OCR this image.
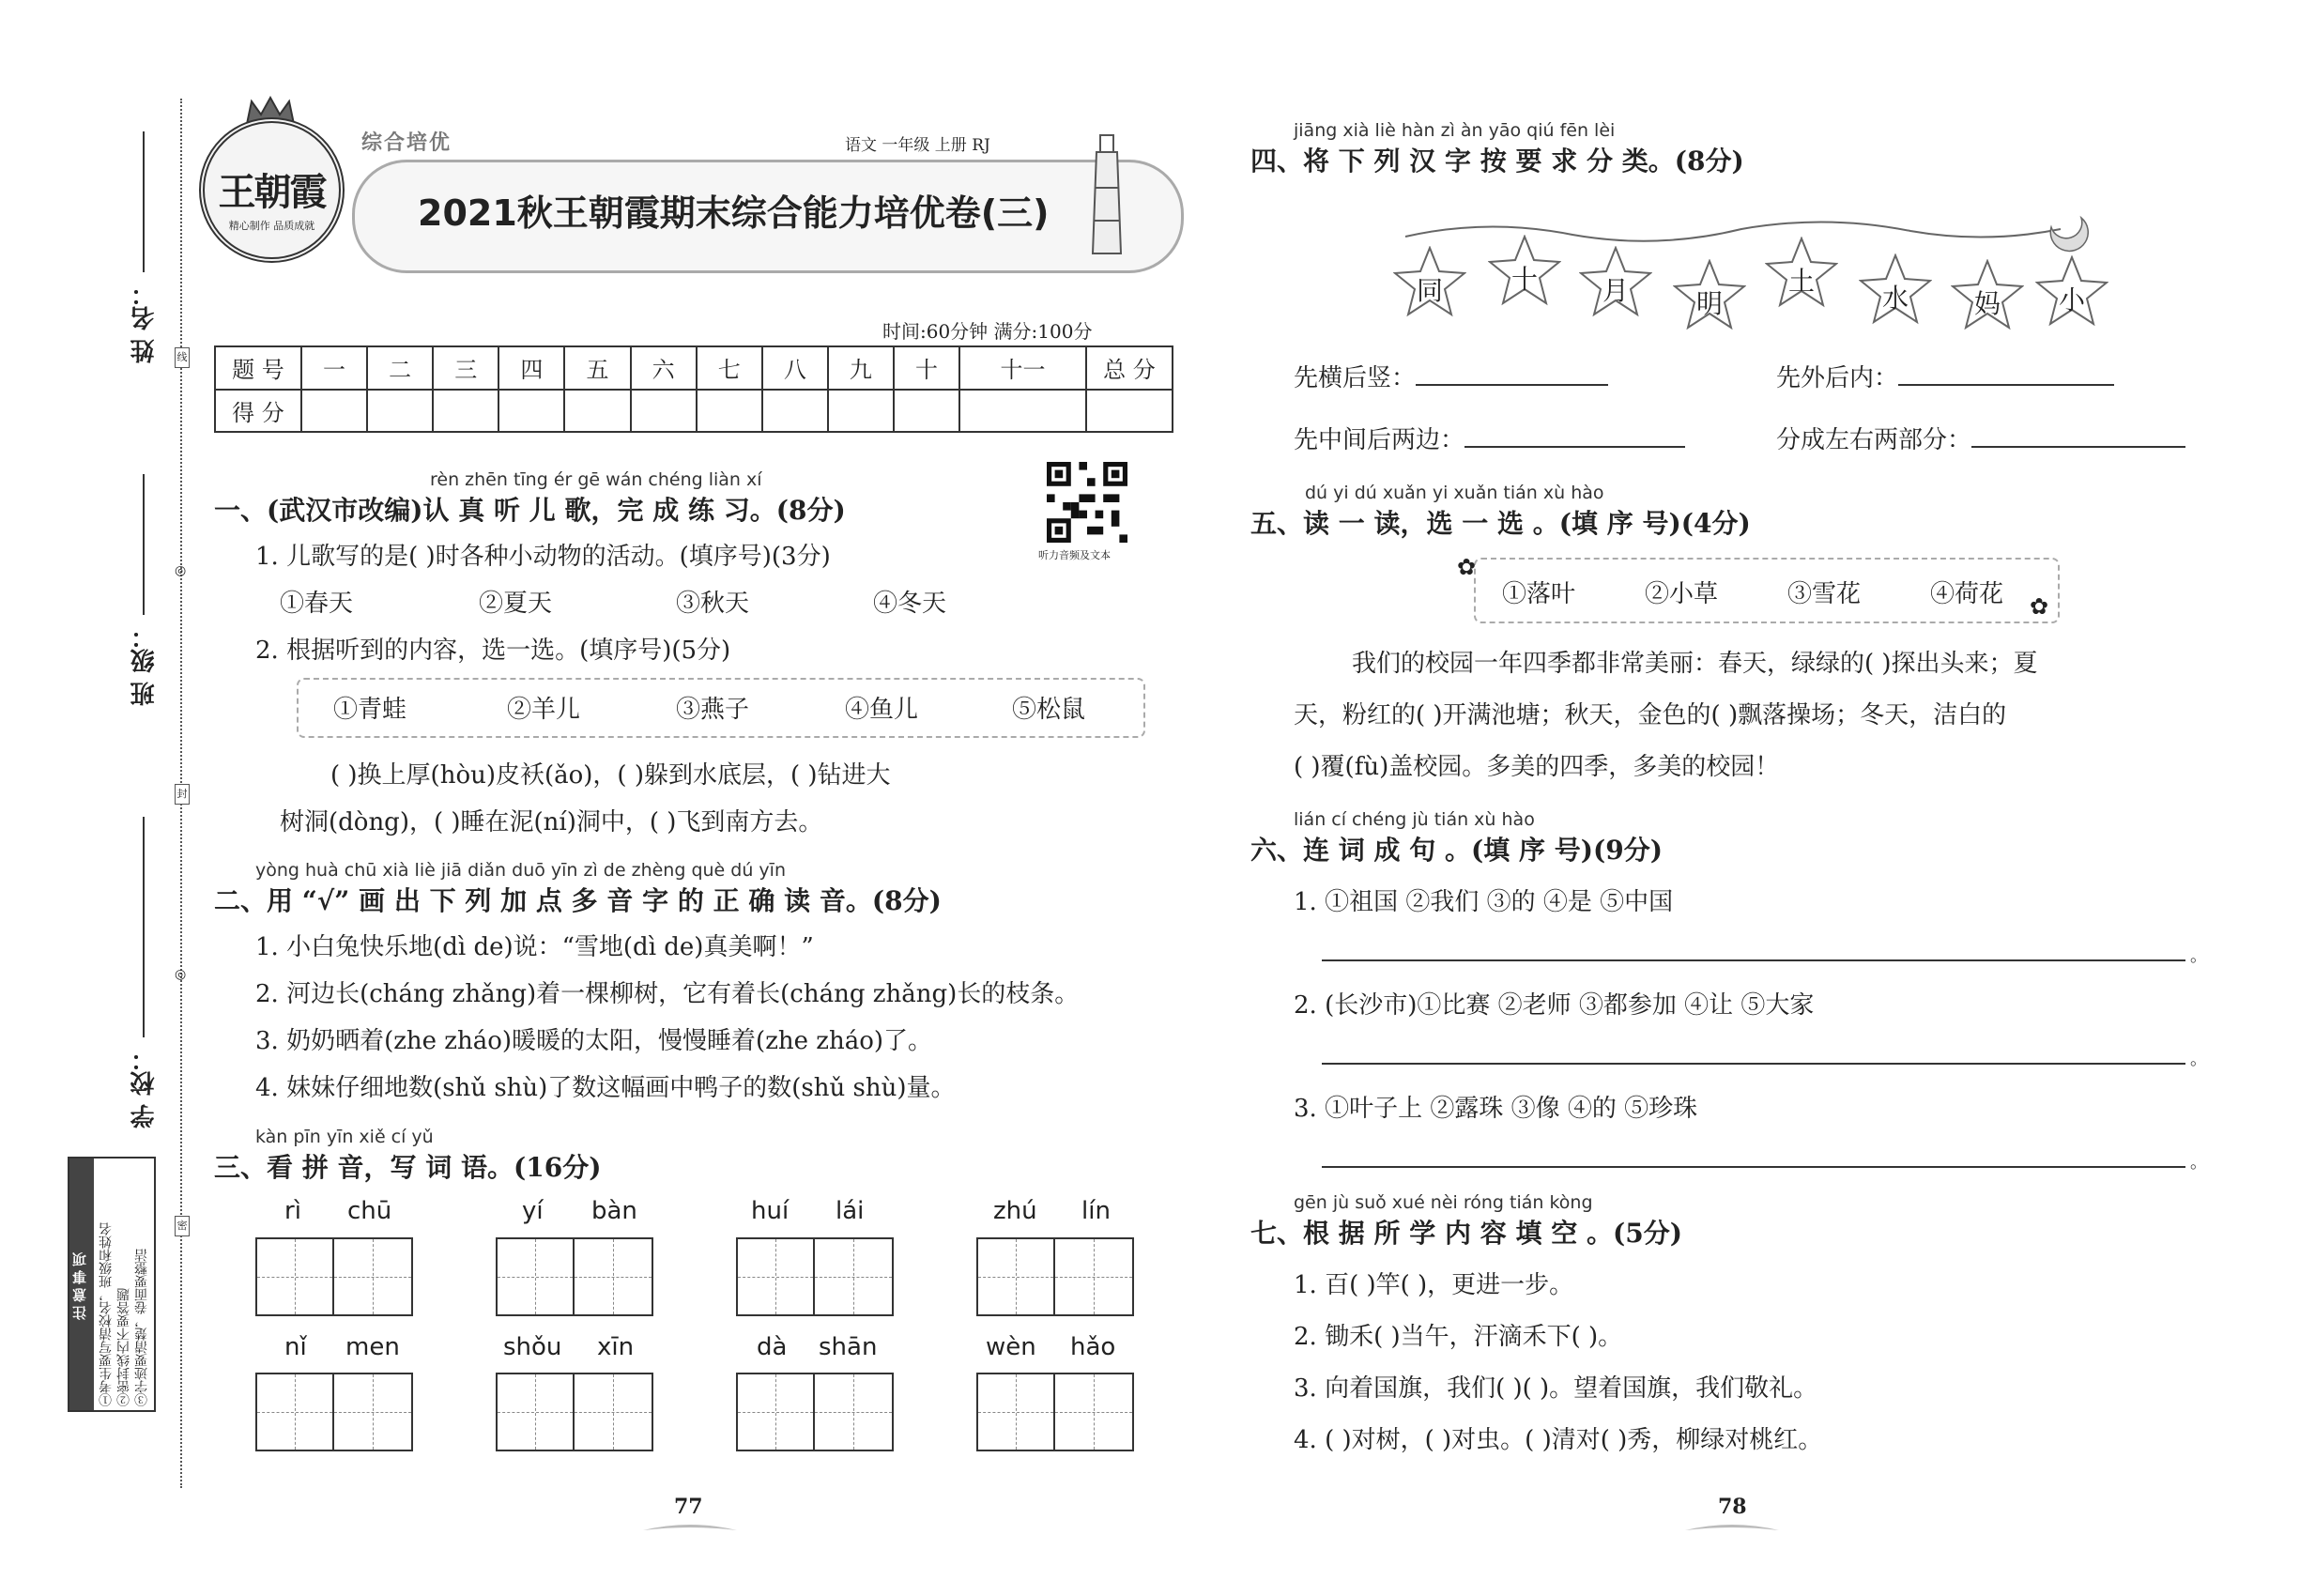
姓 名：
班 级：
学 校：
线
封
密
◎
◎
注意事项 ①考生要写清校名，班级和姓名 ②密封线内不要答题 ③字迹要清楚，卷面要整洁
王朝霞
精心制作 品质成就
综合培优	语文 一年级 上册 RJ
2021秋王朝霞期末综合能力培优卷(三)
时间:60分钟 满分:100分
题 号	一	二	三	四	五	六	七	八	九	十	十一	总 分
得 分												
rèn zhēn tīng ér gē wán chéng liàn xí
一、(武汉市改编)认 真 听 儿 歌，完 成 练 习。(8分)
听力音频及文本
1. 儿歌写的是( )时各种小动物的活动。(填序号)(3分)
①春天	②夏天	③秋天	④冬天
2. 根据听到的内容，选一选。(填序号)(5分)
①青蛙	②羊儿	③燕子	④鱼儿	⑤松鼠
( )换上厚(hòu)皮袄(ǎo)，( )躲到水底层，( )钻进大
树洞(dòng)，( )睡在泥(ní)洞中，( )飞到南方去。
yòng huà chū xià liè jiā diǎn duō yīn zì de zhèng què dú yīn
二、用 “√” 画 出 下 列 加 点 多 音 字 的 正 确 读 音。(8分)
1. 小白兔快乐地(dì de)说：“雪地(dì de)真美啊！”
2. 河边长(cháng zhǎng)着一棵柳树，它有着长(cháng zhǎng)长的枝条。
3. 奶奶晒着(zhe zháo)暖暖的太阳，慢慢睡着(zhe zháo)了。
4. 妹妹仔细地数(shǔ shù)了数这幅画中鸭子的数(shǔ shù)量。
kàn pīn yīn xiě cí yǔ
三、看 拼 音，写 词 语。(16分)
rì chū	yí bàn	huí lái	zhú lín
nǐ men	shǒu xīn	dà shān	wèn hǎo
77
jiāng xià liè hàn zì àn yāo qiú fēn lèi
四、将 下 列 汉 字 按 要 求 分 类。(8分)
同	十	月	明
土
水	妈	小
先横后竖：	先外后内：
先中间后两边：	分成左右两部分：
dú yi dú xuǎn yi xuǎn tián xù hào
五、读 一 读，选 一 选 。(填 序 号)(4分)
✿
✿
①落叶	②小草	③雪花	④荷花
我们的校园一年四季都非常美丽：春天，绿绿的( )探出头来；夏
天，粉红的( )开满池塘；秋天，金色的( )飘落操场；冬天，洁白的
( )覆(fù)盖校园。多美的四季，多美的校园！
lián cí chéng jù tián xù hào
六、连 词 成 句 。(填 序 号)(9分)
1. ①祖国 ②我们 ③的 ④是 ⑤中国
。
2. (长沙市)①比赛 ②老师 ③都参加 ④让 ⑤大家
。
3. ①叶子上 ②露珠 ③像 ④的 ⑤珍珠
。
gēn jù suǒ xué nèi róng tián kòng
七、根 据 所 学 内 容 填 空 。(5分)
1. 百( )竿( )，更进一步。
2. 锄禾( )当午，汗滴禾下( )。
3. 向着国旗，我们( )( )。望着国旗，我们敬礼。
4. ( )对树，( )对虫。( )清对( )秀，柳绿对桃红。
78
